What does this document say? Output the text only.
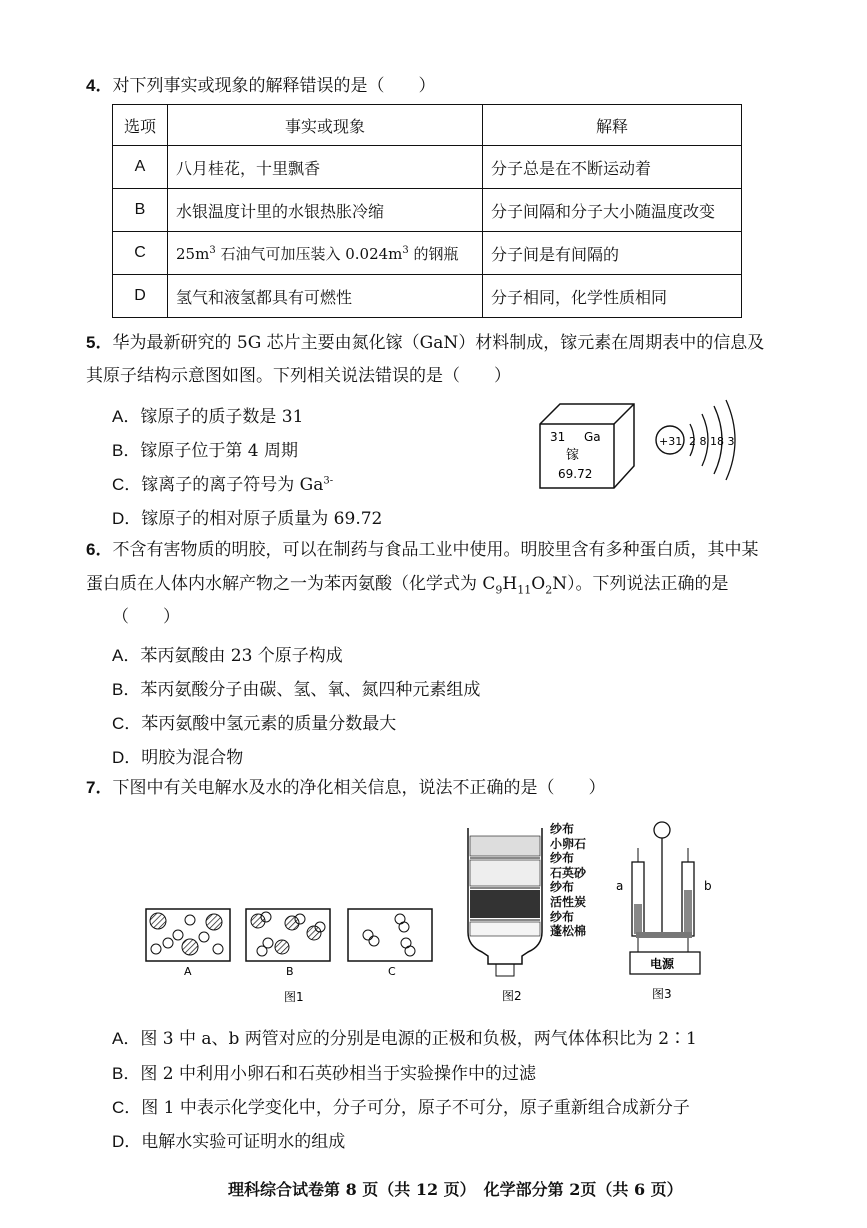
4．对下列事实或现象的解释错误的是（　　）
选项	事实或现象	解释
A	八月桂花，十里飘香	分子总是在不断运动着
B	水银温度计里的水银热胀冷缩	分子间隔和分子大小随温度改变
C	$25m^3$ 石油气可加压装入 $0.024m^3$ 的钢瓶	分子间是有间隔的
D	氢气和液氢都具有可燃性	分子相同，化学性质相同
5．华为最新研究的 5G 芯片主要由氮化镓（GaN）材料制成，镓元素在周期表中的信息及
其原子结构示意图如图。下列相关说法错误的是（　　）
A．镓原子的质子数是 31
B．镓原子位于第 4 周期
C．镓离子的离子符号为 $Ga^{3-}$
D．镓原子的相对原子质量为 69.72
31 Ga
镓
69.72
+31 2 8 18 3
6．不含有害物质的明胶，可以在制药与食品工业中使用。明胶里含有多种蛋白质，其中某
蛋白质在人体内水解产物之一为苯丙氨酸（化学式为 $C_9H_{11}O_2N$）。下列说法正确的是
（　　）
A．苯丙氨酸由 23 个原子构成
B．苯丙氨酸分子由碳、氢、氧、氮四种元素组成
C．苯丙氨酸中氢元素的质量分数最大
D．明胶为混合物
7．下图中有关电解水及水的净化相关信息，说法不正确的是（　　）
A	B	C
图1	图2
纱布
小卵石
纱布
石英砂
纱布
活性炭
纱布
蓬松棉
电源
a	b
图3
A．图 3 中 a、b 两管对应的分别是电源的正极和负极，两气体体积比为 2∶1
B．图 2 中利用小卵石和石英砂相当于实验操作中的过滤
C．图 1 中表示化学变化中，分子可分，原子不可分，原子重新组合成新分子
D．电解水实验可证明水的组成
理科综合试卷第 8 页（共 12 页）　化学部分第 2页（共 6 页）
